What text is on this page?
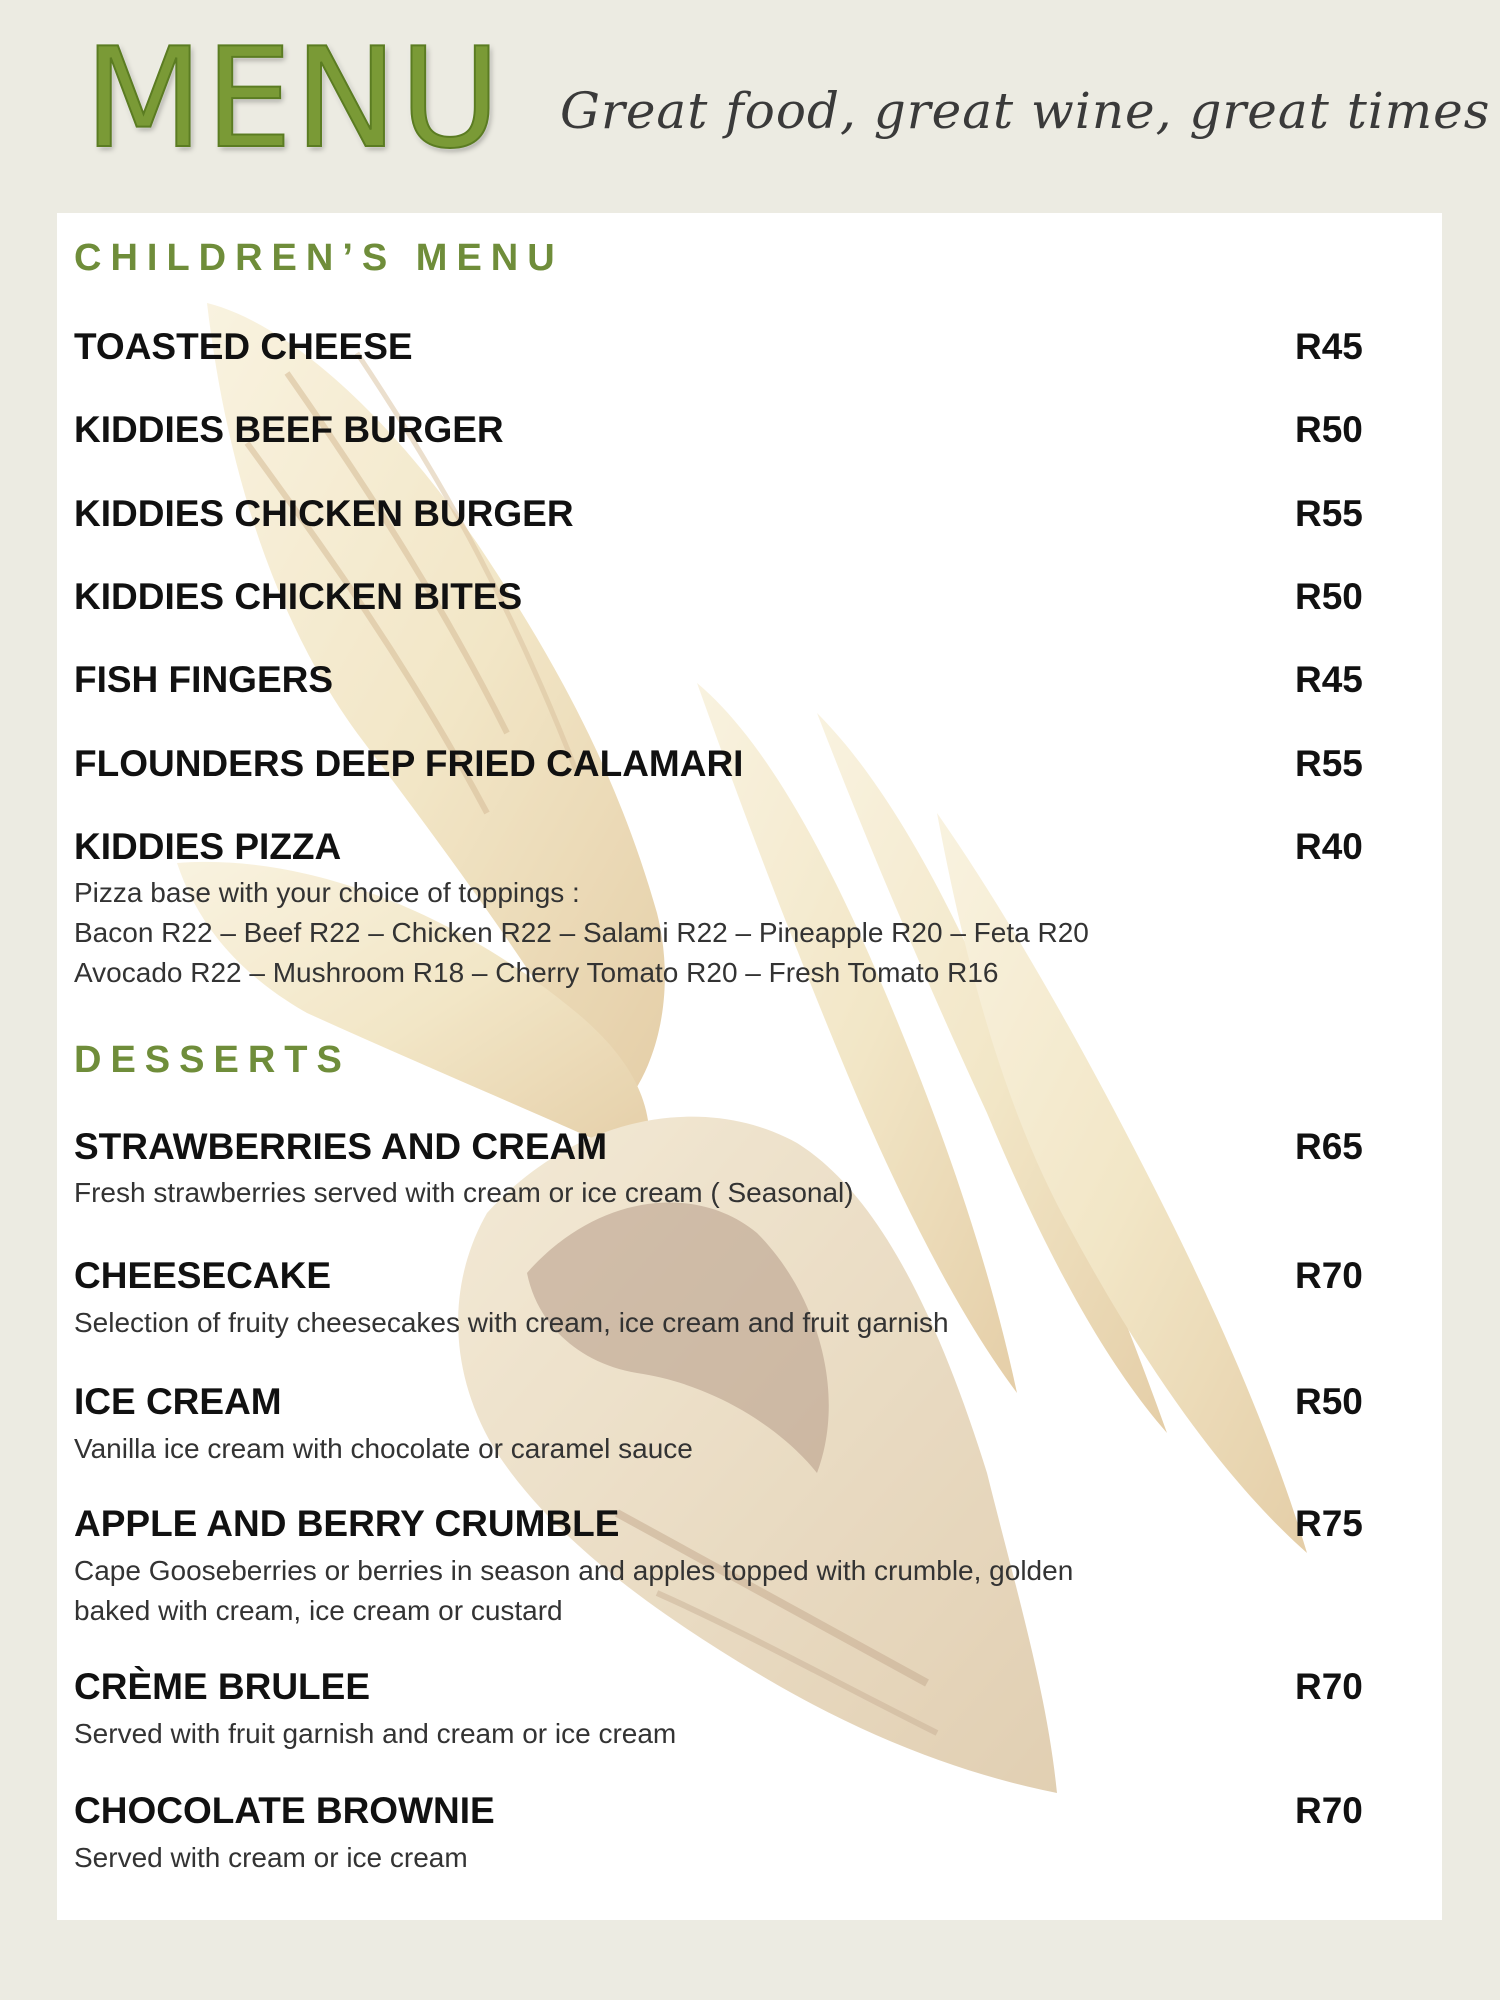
MENU Great food, great wine, great times
CHILDREN’S MENU
TOASTED CHEESE	R45
KIDDIES BEEF BURGER	R50
KIDDIES CHICKEN BURGER	R55
KIDDIES CHICKEN BITES	R50
FISH FINGERS	R45
FLOUNDERS DEEP FRIED CALAMARI	R55
KIDDIES PIZZA	R40
Pizza base with your choice of toppings :
Bacon R22 – Beef R22 – Chicken R22 – Salami R22 – Pineapple R20 – Feta R20
Avocado R22 – Mushroom R18 – Cherry Tomato R20 – Fresh Tomato R16
DESSERTS
STRAWBERRIES AND CREAM	R65
Fresh strawberries served with cream or ice cream ( Seasonal)
CHEESECAKE	R70
Selection of fruity cheesecakes with cream, ice cream and fruit garnish
ICE CREAM	R50
Vanilla ice cream with chocolate or caramel sauce
APPLE AND BERRY CRUMBLE	R75
Cape Gooseberries or berries in season and apples topped with crumble, golden
baked with cream, ice cream or custard
CRÈME BRULEE	R70
Served with fruit garnish and cream or ice cream
CHOCOLATE BROWNIE	R70
Served with cream or ice cream
